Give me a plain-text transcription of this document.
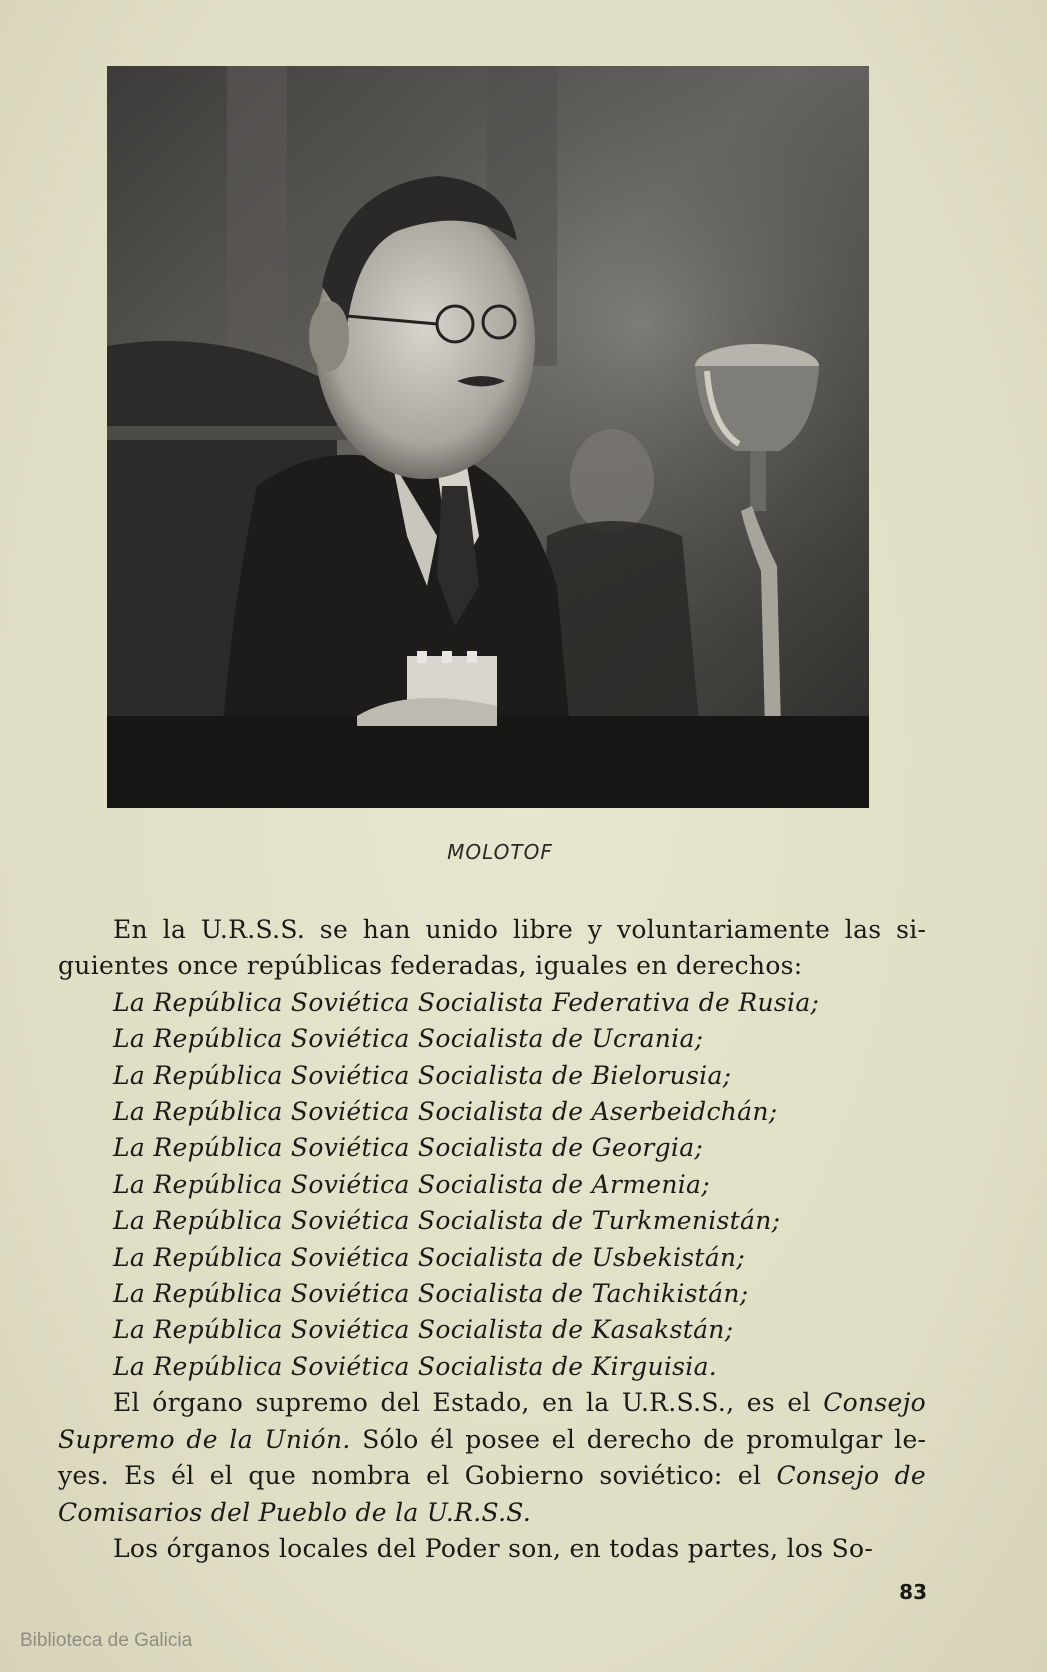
MOLOTOF

En la U.R.S.S. se han unido libre y voluntariamente las siguientes once repúblicas federadas, iguales en derechos:

La República Soviética Socialista Federativa de Rusia;
La República Soviética Socialista de Ucrania;
La República Soviética Socialista de Bielorusia;
La República Soviética Socialista de Aserbeidchán;
La República Soviética Socialista de Georgia;
La República Soviética Socialista de Armenia;
La República Soviética Socialista de Turkmenistán;
La República Soviética Socialista de Usbekistán;
La República Soviética Socialista de Tachikistán;
La República Soviética Socialista de Kasakstán;
La República Soviética Socialista de Kirguisia.

El órgano supremo del Estado, en la U.R.S.S., es el Consejo Supremo de la Unión. Sólo él posee el derecho de promulgar leyes. Es él el que nombra el Gobierno soviético: el Consejo de Comisarios del Pueblo de la U.R.S.S.

Los órganos locales del Poder son, en todas partes, los So-

83
Biblioteca de Galicia
